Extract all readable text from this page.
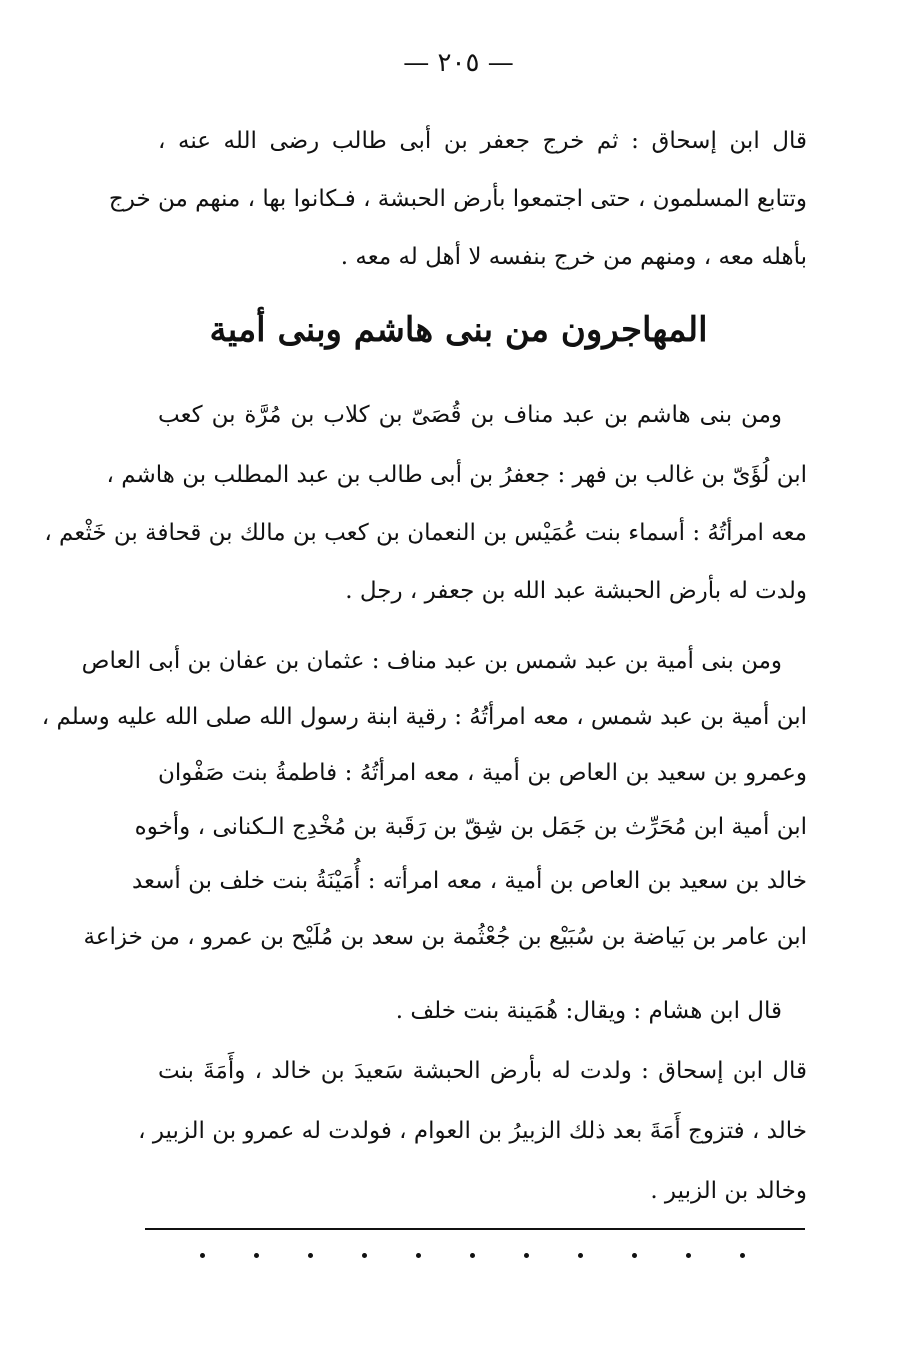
— ٢٠٥ —
قال ابن إسحاق : ثم خرج جعفر بن أبى طالب رضى الله عنه ،
وتتابع المسلمون ، حتى اجتمعوا بأرض الحبشة ، فـكانوا بها ، منهم من خرج
بأهله معه ، ومنهم من خرج بنفسه لا أهل له معه .
المهاجرون من بنى هاشم وبنى أمية
ومن بنى هاشم بن عبد مناف بن قُصَىّ بن كلاب بن مُرَّة بن كعب
ابن لُؤَىّ بن غالب بن فهر : جعفرُ بن أبى طالب بن عبد المطلب بن هاشم ،
معه امرأتُهُ : أسماء بنت عُمَيْس بن النعمان بن كعب بن مالك بن قحافة بن خَثْعم ،
ولدت له بأرض الحبشة عبد الله بن جعفر ، رجل .
ومن بنى أمية بن عبد شمس بن عبد مناف : عثمان بن عفان بن أبى العاص
ابن أمية بن عبد شمس ، معه امرأتُهُ : رقية ابنة رسول الله صلى الله عليه وسلم ،
وعمرو بن سعيد بن العاص بن أمية ، معه امرأتُهُ : فاطمةُ بنت صَفْوان
ابن أمية ابن مُحَرِّث بن جَمَل بن شِقّ بن رَقَبة بن مُخْدِج الـكنانى ، وأخوه
خالد بن سعيد بن العاص بن أمية ، معه امرأته : أُمَيْنَةُ بنت خلف بن أسعد
ابن عامر بن بَياضة بن سُبَيْع بن جُعْثُمة بن سعد بن مُلَيْح بن عمرو ، من خزاعة
قال ابن هشام : ويقال: هُمَينة بنت خلف .
قال ابن إسحاق : ولدت له بأرض الحبشة سَعيدَ بن خالد ، وأَمَةَ بنت
خالد ، فتزوج أَمَةَ بعد ذلك الزبيرُ بن العوام ، فولدت له عمرو بن الزبير ،
وخالد بن الزبير .
